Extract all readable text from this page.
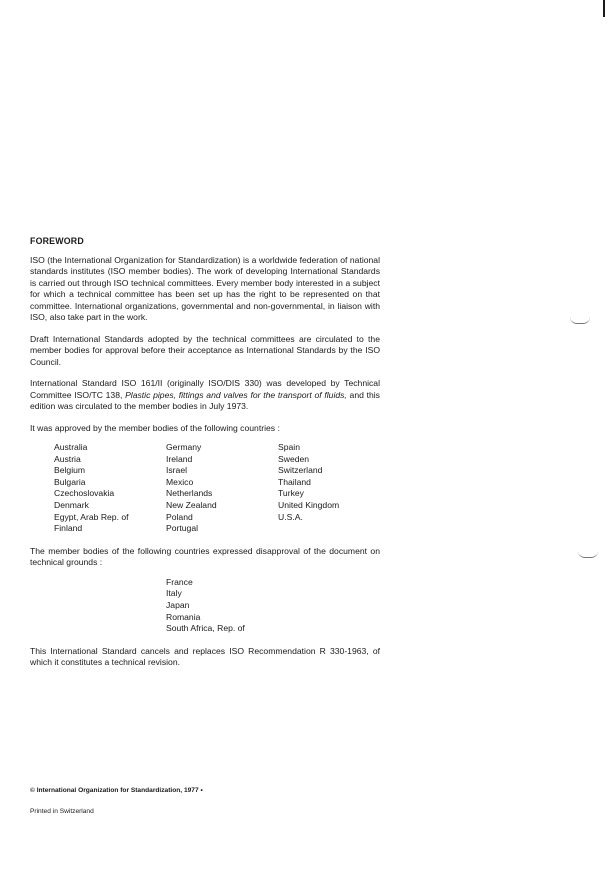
FOREWORD

ISO (the International Organization for Standardization) is a worldwide federation of national standards institutes (ISO member bodies). The work of developing International Standards is carried out through ISO technical committees. Every member body interested in a subject for which a technical committee has been set up has the right to be represented on that committee. International organizations, governmental and non-governmental, in liaison with ISO, also take part in the work.

Draft International Standards adopted by the technical committees are circulated to the member bodies for approval before their acceptance as International Standards by the ISO Council.

International Standard ISO 161/II (originally ISO/DIS 330) was developed by Technical Committee ISO/TC 138, Plastic pipes, fittings and valves for the transport of fluids, and this edition was circulated to the member bodies in July 1973.

It was approved by the member bodies of the following countries :

Australia
Austria
Belgium
Bulgaria
Czechoslovakia
Denmark
Egypt, Arab Rep. of
Finland
Germany
Ireland
Israel
Mexico
Netherlands
New Zealand
Poland
Portugal
Spain
Sweden
Switzerland
Thailand
Turkey
United Kingdom
U.S.A.

The member bodies of the following countries expressed disapproval of the document on technical grounds :

France
Italy
Japan
Romania
South Africa, Rep. of

This International Standard cancels and replaces ISO Recommendation R 330-1963, of which it constitutes a technical revision.

© International Organization for Standardization, 1977 •
Printed in Switzerland
